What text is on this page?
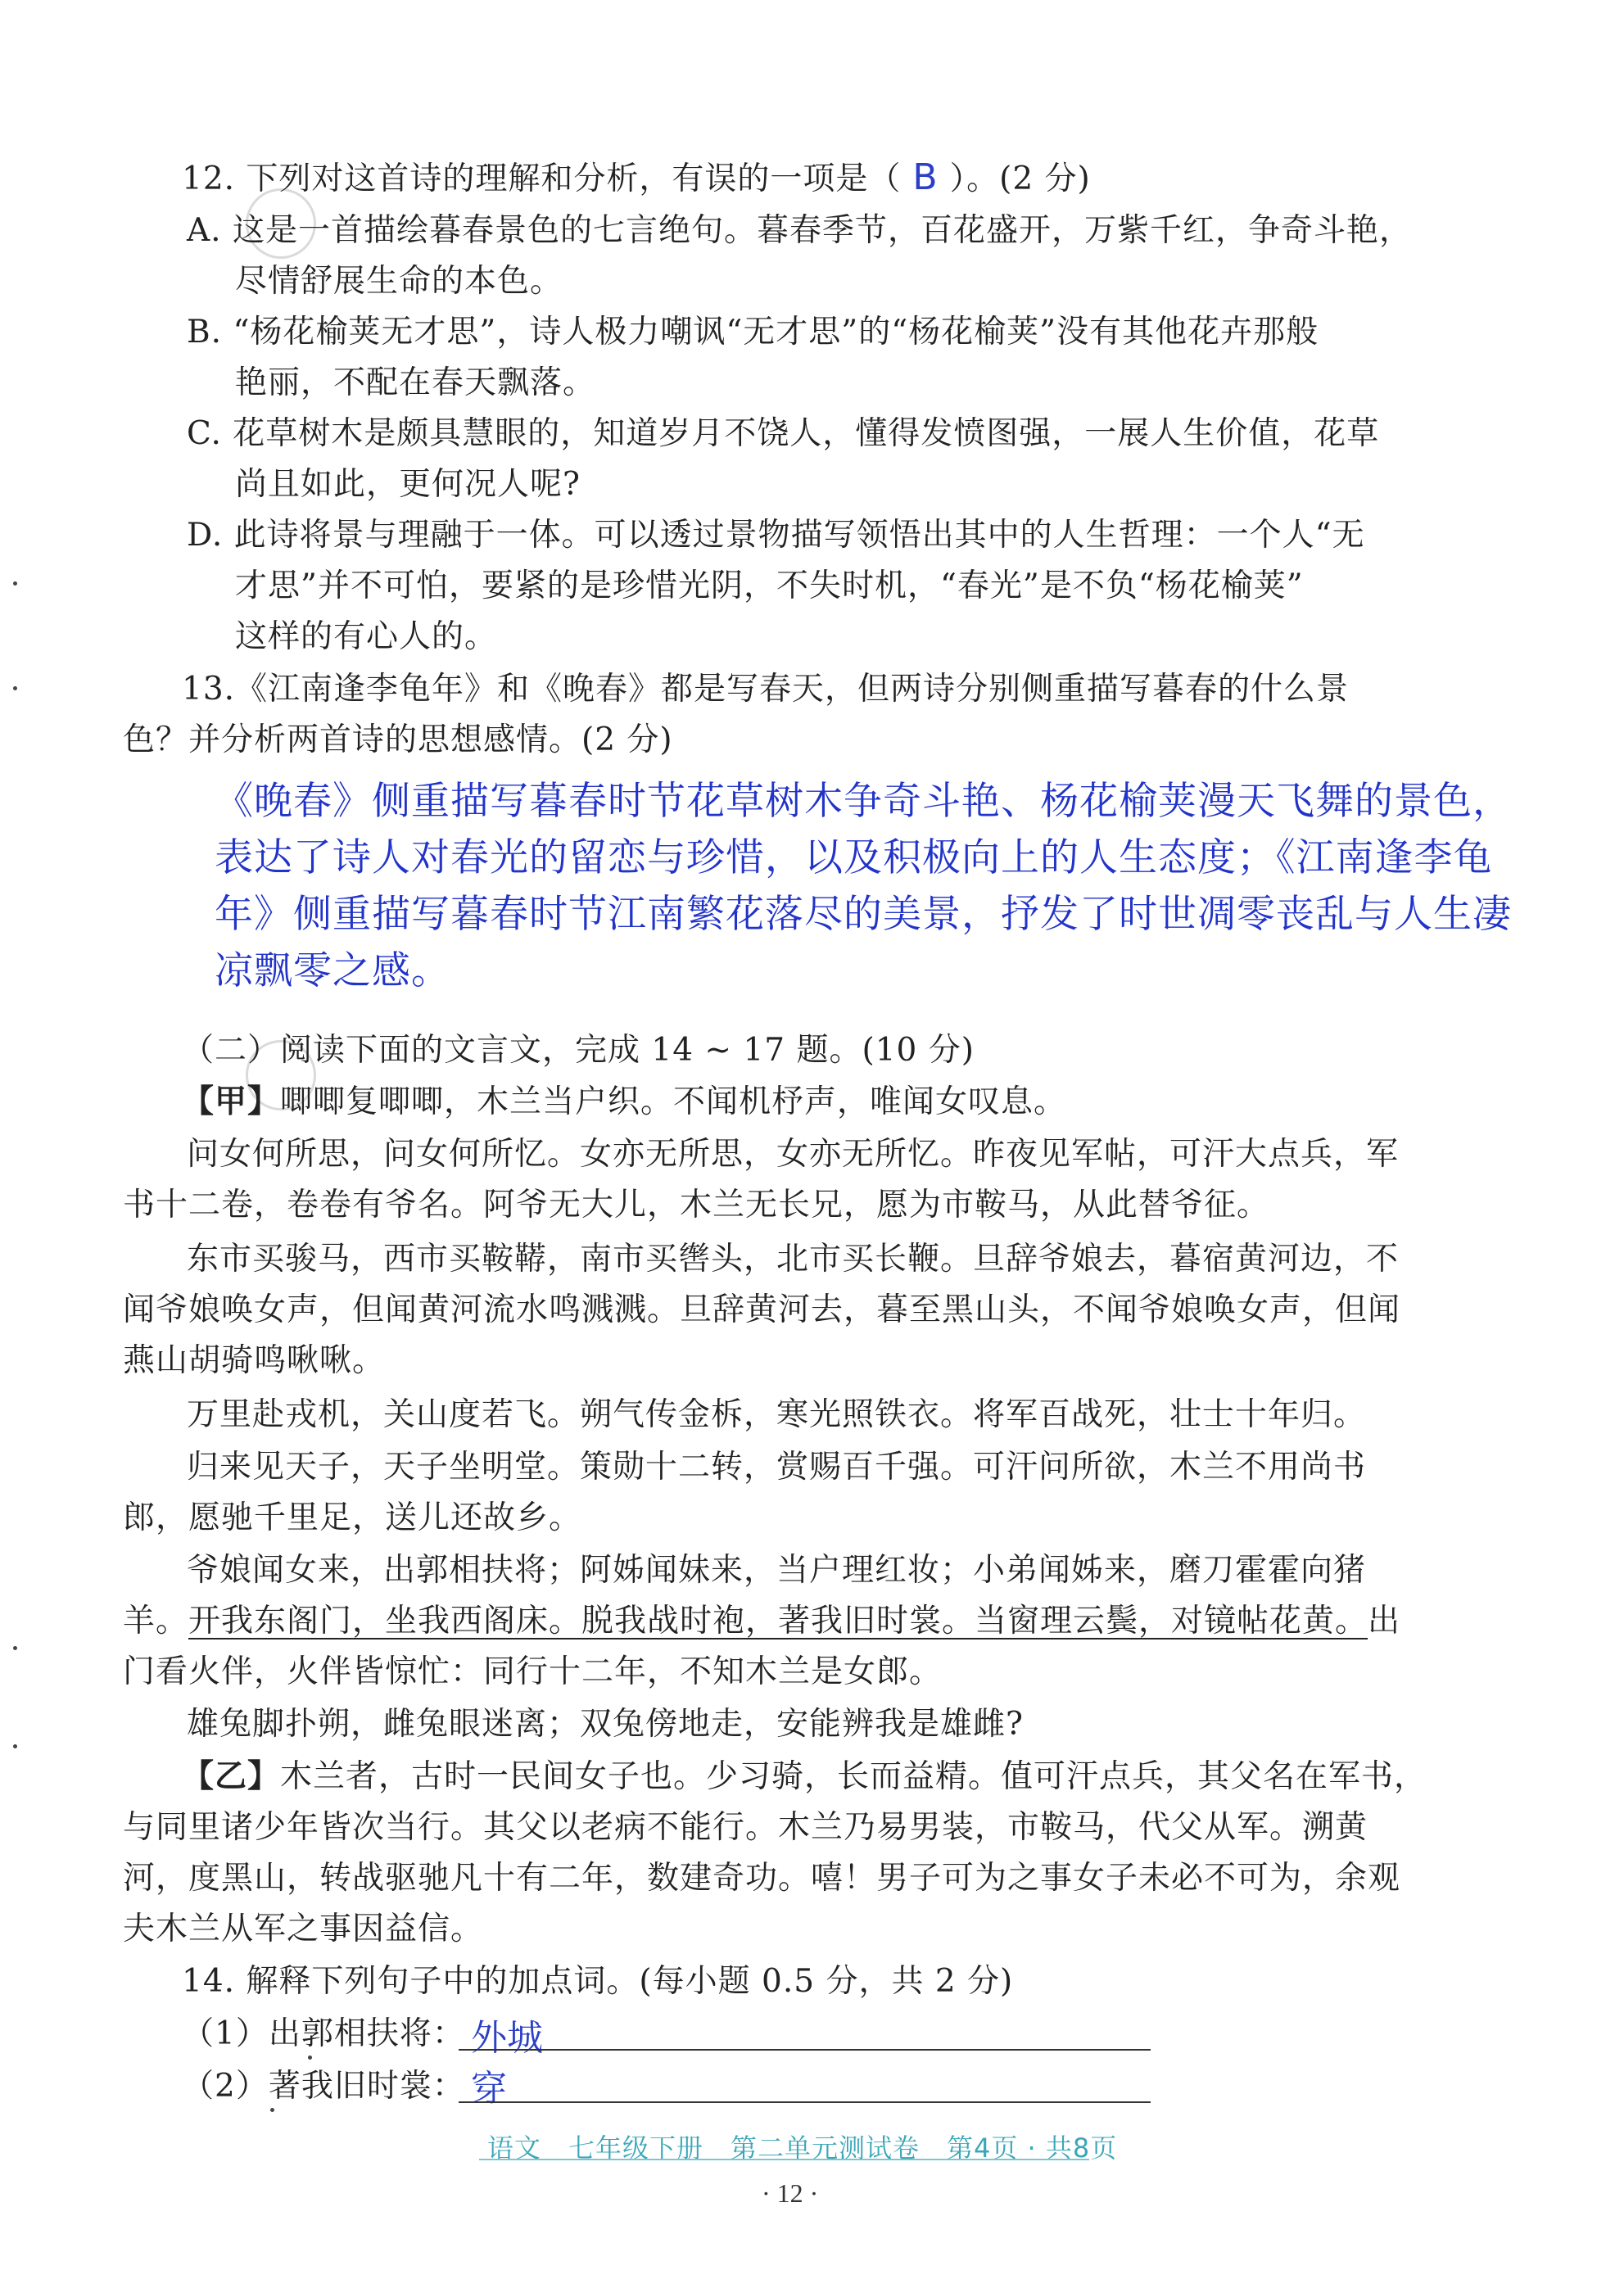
12. 下列对这首诗的理解和分析，有误的一项是（ B ）。(2 分)
A. 这是一首描绘暮春景色的七言绝句。暮春季节，百花盛开，万紫千红，争奇斗艳，
尽情舒展生命的本色。
B. “杨花榆荚无才思”，诗人极力嘲讽“无才思”的“杨花榆荚”没有其他花卉那般
艳丽，不配在春天飘落。
C. 花草树木是颇具慧眼的，知道岁月不饶人，懂得发愤图强，一展人生价值，花草
尚且如此，更何况人呢?
D. 此诗将景与理融于一体。可以透过景物描写领悟出其中的人生哲理：一个人“无
才思”并不可怕，要紧的是珍惜光阴，不失时机，“春光”是不负“杨花榆荚”
这样的有心人的。
13.《江南逢李龟年》和《晚春》都是写春天，但两诗分别侧重描写暮春的什么景
色？并分析两首诗的思想感情。(2 分)
《晚春》侧重描写暮春时节花草树木争奇斗艳、杨花榆荚漫天飞舞的景色，
表达了诗人对春光的留恋与珍惜，以及积极向上的人生态度；《江南逢李龟
年》侧重描写暮春时节江南繁花落尽的美景，抒发了时世凋零丧乱与人生凄
凉飘零之感。
（二）阅读下面的文言文，完成 14 ~ 17 题。(10 分)
【甲】唧唧复唧唧，木兰当户织。不闻机杼声，唯闻女叹息。
问女何所思，问女何所忆。女亦无所思，女亦无所忆。昨夜见军帖，可汗大点兵，军
书十二卷，卷卷有爷名。阿爷无大儿，木兰无长兄，愿为市鞍马，从此替爷征。
东市买骏马，西市买鞍鞯，南市买辔头，北市买长鞭。旦辞爷娘去，暮宿黄河边，不
闻爷娘唤女声，但闻黄河流水鸣溅溅。旦辞黄河去，暮至黑山头，不闻爷娘唤女声，但闻
燕山胡骑鸣啾啾。
万里赴戎机，关山度若飞。朔气传金柝，寒光照铁衣。将军百战死，壮士十年归。
归来见天子，天子坐明堂。策勋十二转，赏赐百千强。可汗问所欲，木兰不用尚书
郎，愿驰千里足，送儿还故乡。
爷娘闻女来，出郭相扶将；阿姊闻妹来，当户理红妆；小弟闻姊来，磨刀霍霍向猪
羊。开我东阁门，坐我西阁床。脱我战时袍，著我旧时裳。当窗理云鬓，对镜帖花黄。出
门看火伴，火伴皆惊忙：同行十二年，不知木兰是女郎。
雄兔脚扑朔，雌兔眼迷离；双兔傍地走，安能辨我是雄雌?
【乙】木兰者，古时一民间女子也。少习骑，长而益精。值可汗点兵，其父名在军书，
与同里诸少年皆次当行。其父以老病不能行。木兰乃易男装，市鞍马，代父从军。溯黄
河，度黑山，转战驱驰凡十有二年，数建奇功。嘻！男子可为之事女子未必不可为，余观
夫木兰从军之事因益信。
14. 解释下列句子中的加点词。(每小题 0.5 分，共 2 分)
（1）出郭相扶将： 外城
（2）著我旧时裳： 穿
语文　七年级下册　第二单元测试卷　第4页 · 共8页
· 12 ·
